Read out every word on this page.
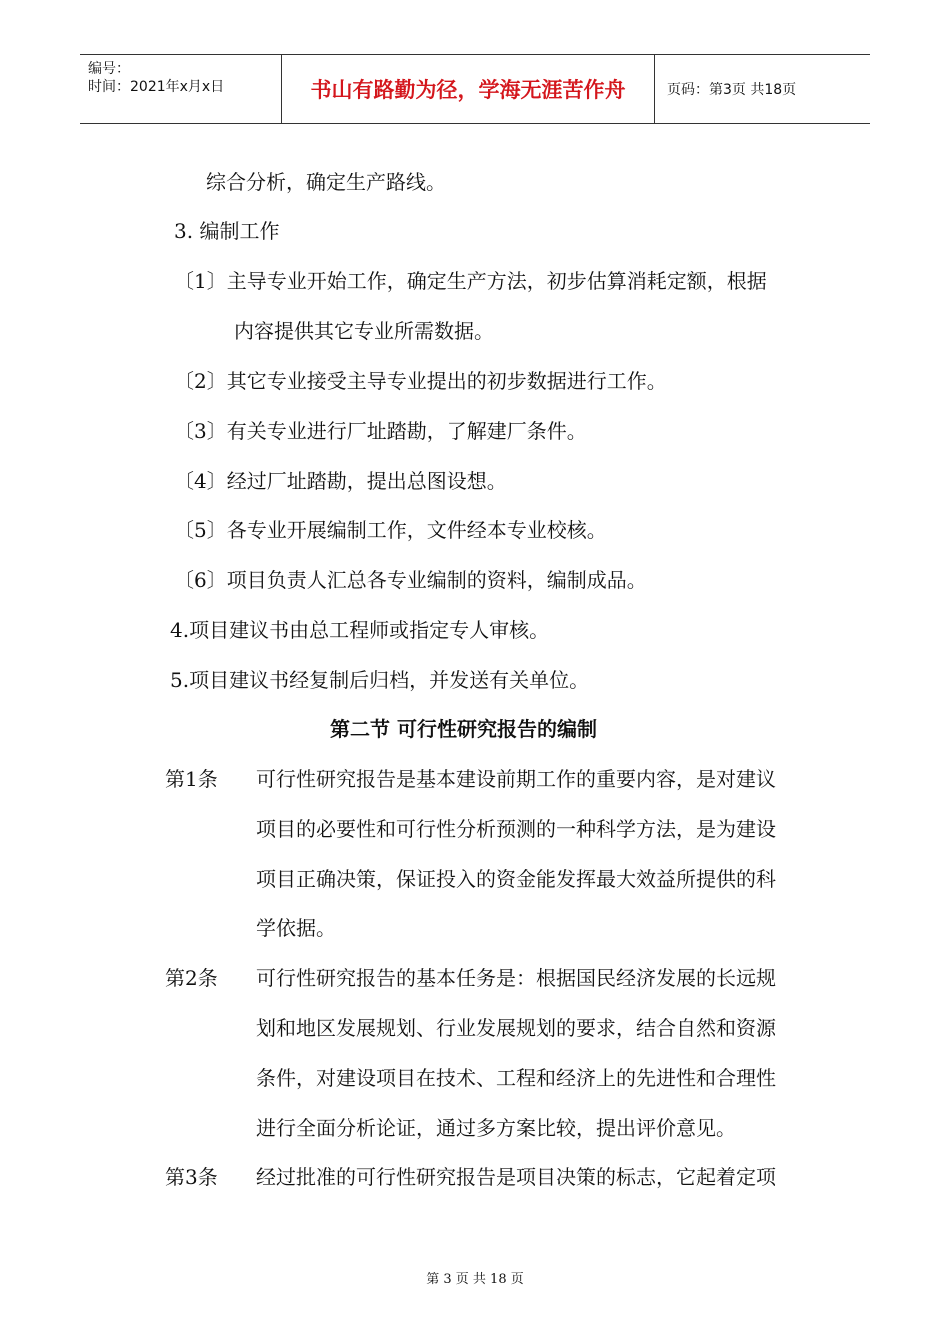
编号：
时间：2021年x月x日	书山有路勤为径，学海无涯苦作舟	页码：第3页 共18页
综合分析，确定生产路线。
3. 编制工作
〔1〕主导专业开始工作，确定生产方法，初步估算消耗定额，根据
内容提供其它专业所需数据。
〔2〕其它专业接受主导专业提出的初步数据进行工作。
〔3〕有关专业进行厂址踏勘，了解建厂条件。
〔4〕经过厂址踏勘，提出总图设想。
〔5〕各专业开展编制工作，文件经本专业校核。
〔6〕项目负责人汇总各专业编制的资料，编制成品。
4.项目建议书由总工程师或指定专人审核。
5.项目建议书经复制后归档，并发送有关单位。
第二节 可行性研究报告的编制
第1条 可行性研究报告是基本建设前期工作的重要内容，是对建议
项目的必要性和可行性分析预测的一种科学方法，是为建设
项目正确决策，保证投入的资金能发挥最大效益所提供的科
学依据。
第2条 可行性研究报告的基本任务是：根据国民经济发展的长远规
划和地区发展规划、行业发展规划的要求，结合自然和资源
条件，对建设项目在技术、工程和经济上的先进性和合理性
进行全面分析论证，通过多方案比较，提出评价意见。
第3条 经过批准的可行性研究报告是项目决策的标志，它起着定项
第 3 页 共 18 页
